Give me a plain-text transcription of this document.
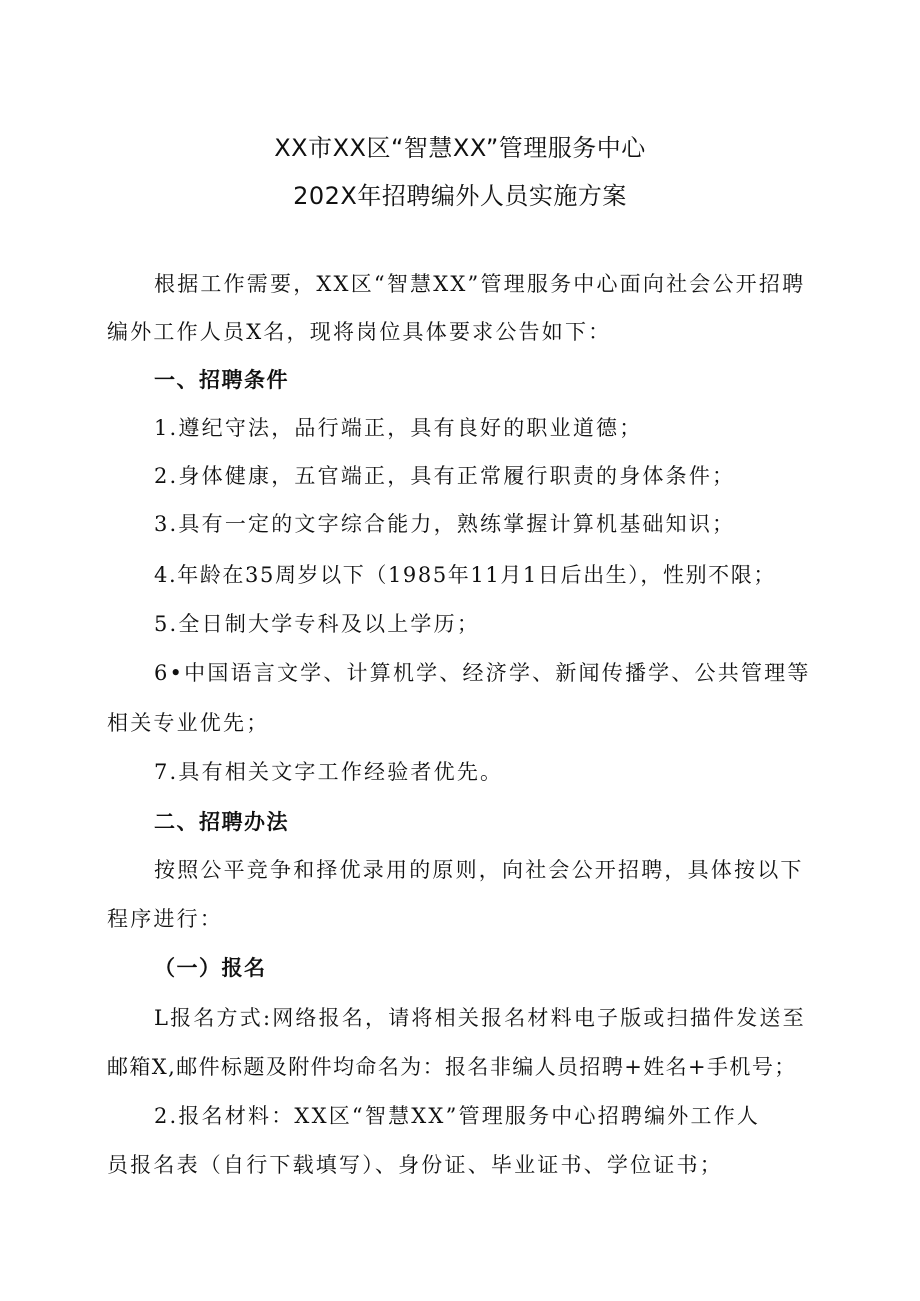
XX市XX区“智慧XX”管理服务中心
202X年招聘编外人员实施方案
根据工作需要，XX区“智慧XX”管理服务中心面向社会公开招聘
编外工作人员X名，现将岗位具体要求公告如下：
一、招聘条件
1.遵纪守法，品行端正，具有良好的职业道德；
2.身体健康，五官端正，具有正常履行职责的身体条件；
3.具有一定的文字综合能力，熟练掌握计算机基础知识；
4.年龄在35周岁以下（1985年11月1日后出生），性别不限；
5.全日制大学专科及以上学历；
6•中国语言文学、计算机学、经济学、新闻传播学、公共管理等
相关专业优先；
7.具有相关文字工作经验者优先。
二、招聘办法
按照公平竞争和择优录用的原则，向社会公开招聘，具体按以下
程序进行：
（一）报名
L报名方式:网络报名，请将相关报名材料电子版或扫描件发送至
邮箱X,邮件标题及附件均命名为：报名非编人员招聘+姓名+手机号；
2.报名材料：XX区“智慧XX”管理服务中心招聘编外工作人
员报名表（自行下载填写）、身份证、毕业证书、学位证书；
